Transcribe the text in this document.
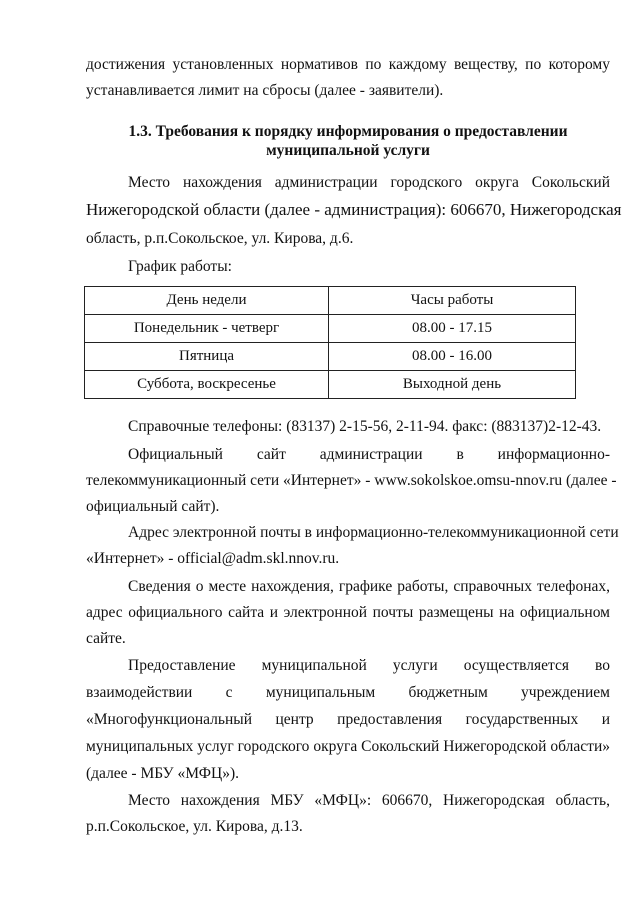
достижения установленных нормативов по каждому веществу, по которому
устанавливается лимит на сбросы (далее - заявители).
1.3. Требования к порядку информирования о предоставлении
муниципальной услуги
Место нахождения администрации городского округа Сокольский
Нижегородской области (далее - администрация): 606670, Нижегородская
область, р.п.Сокольское, ул. Кирова, д.6.
График работы:
День недели	Часы работы
Понедельник - четверг	08.00 - 17.15
Пятница	08.00 - 16.00
Суббота, воскресенье	Выходной день
Справочные телефоны: (83137) 2-15-56, 2-11-94. факс: (883137)2-12-43.
Официальный сайт администрации в информационно-
телекоммуникационный сети «Интернет» - www.sokolskoe.omsu-nnov.ru (далее -
официальный сайт).
Адрес электронной почты в информационно-телекоммуникационной сети
«Интернет» - official@adm.skl.nnov.ru.
Сведения о месте нахождения, графике работы, справочных телефонах,
адрес официального сайта и электронной почты размещены на официальном
сайте.
Предоставление муниципальной услуги осуществляется во
взаимодействии с муниципальным бюджетным учреждением
«Многофункциональный центр предоставления государственных и
муниципальных услуг городского округа Сокольский Нижегородской области»
(далее - МБУ «МФЦ»).
Место нахождения МБУ «МФЦ»: 606670, Нижегородская область,
р.п.Сокольское, ул. Кирова, д.13.
